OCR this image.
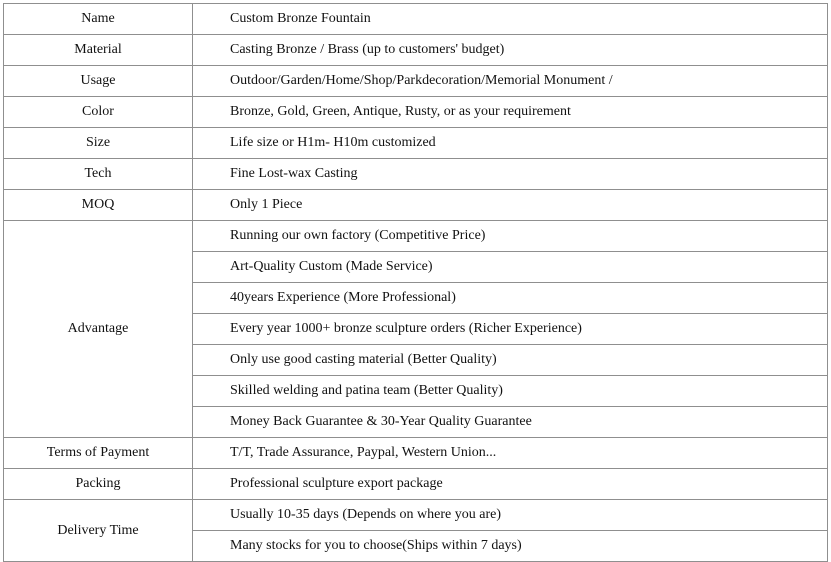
Name	Custom Bronze Fountain
Material	Casting Bronze / Brass (up to customers' budget)
Usage	Outdoor/Garden/Home/Shop/Parkdecoration/Memorial Monument /
Color	Bronze, Gold, Green, Antique, Rusty, or as your requirement
Size	Life size or H1m- H10m customized
Tech	Fine Lost-wax Casting
MOQ	Only 1 Piece
Advantage	Running our own factory (Competitive Price)
	Art-Quality Custom (Made Service)
	40years Experience (More Professional)
	Every year 1000+ bronze sculpture orders (Richer Experience)
	Only use good casting material (Better Quality)
	Skilled welding and patina team (Better Quality)
	Money Back Guarantee & 30-Year Quality Guarantee
Terms of Payment	T/T, Trade Assurance, Paypal, Western Union...
Packing	Professional sculpture export package
Delivery Time	Usually 10-35 days (Depends on where you are)
	Many stocks for you to choose(Ships within 7 days)
